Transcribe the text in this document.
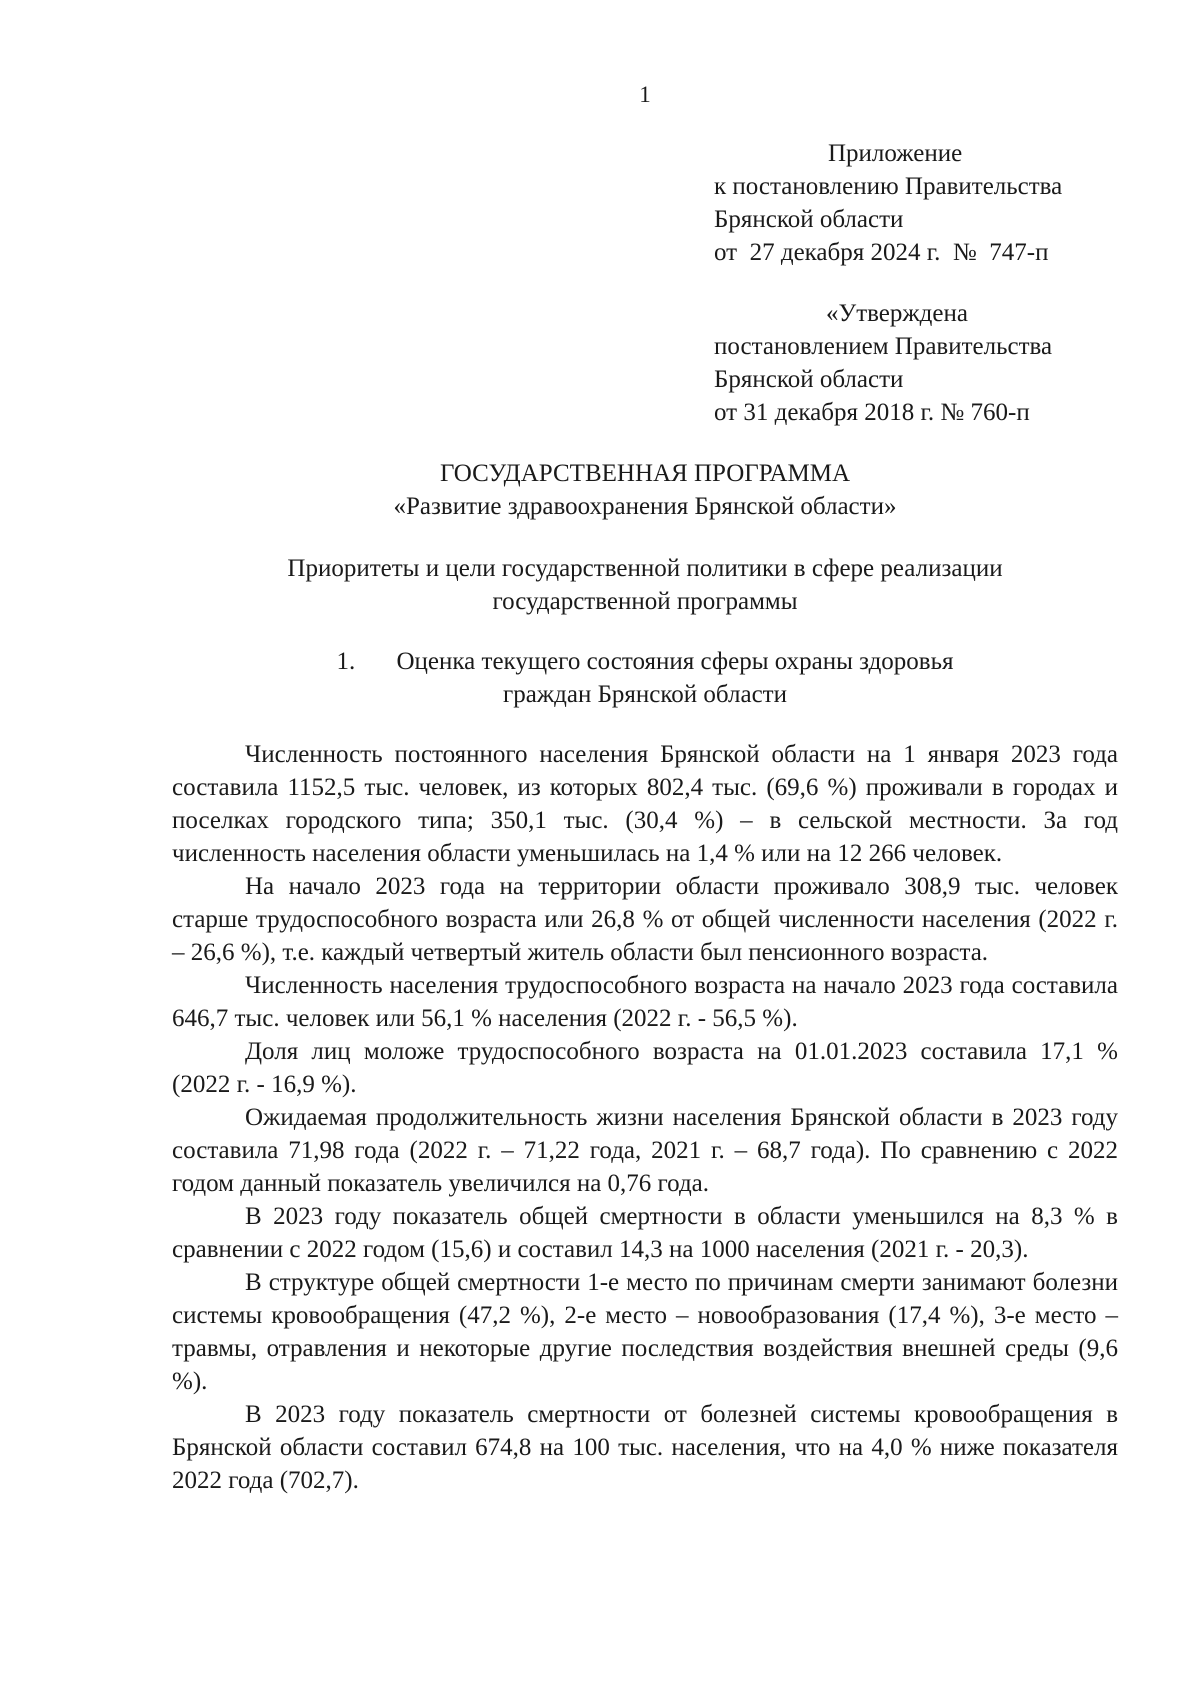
1
Приложение
к постановлению Правительства
Брянской области
от  27 декабря 2024 г.  №  747-п
«Утверждена
постановлением Правительства
Брянской области
от 31 декабря 2018 г. № 760-п
ГОСУДАРСТВЕННАЯ ПРОГРАММА
«Развитие здравоохранения Брянской области»
Приоритеты и цели государственной политики в сфере реализации
государственной программы
1. Оценка текущего состояния сферы охраны здоровья
граждан Брянской области

Численность постоянного населения Брянской области на 1 января 2023 года составила 1152,5 тыс. человек, из которых 802,4 тыс. (69,6 %) проживали в городах и поселках городского типа; 350,1 тыс. (30,4 %) – в сельской местности. За год численность населения области уменьшилась на 1,4 % или на 12 266 человек.

На начало 2023 года на территории области проживало 308,9 тыс. человек старше трудоспособного возраста или 26,8 % от общей численности населения (2022 г. – 26,6 %), т.е. каждый четвертый житель области был пенсионного возраста.

Численность населения трудоспособного возраста на начало 2023 года составила 646,7 тыс. человек или 56,1 % населения (2022 г. - 56,5 %).

Доля лиц моложе трудоспособного возраста на 01.01.2023 составила 17,1 % (2022 г. - 16,9 %).

Ожидаемая продолжительность жизни населения Брянской области в 2023 году составила 71,98 года (2022 г. – 71,22 года, 2021 г. – 68,7 года). По сравнению с 2022 годом данный показатель увеличился на 0,76 года.

В 2023 году показатель общей смертности в области уменьшился на 8,3 % в сравнении с 2022 годом (15,6) и составил 14,3 на 1000 населения (2021 г. - 20,3).

В структуре общей смертности 1-е место по причинам смерти занимают болезни системы кровообращения (47,2 %), 2-е место – новообразования (17,4 %), 3-е место – травмы, отравления и некоторые другие последствия воздействия внешней среды (9,6 %).

В 2023 году показатель смертности от болезней системы кровообращения в Брянской области составил 674,8 на 100 тыс. населения, что на 4,0 % ниже показателя 2022 года (702,7).
